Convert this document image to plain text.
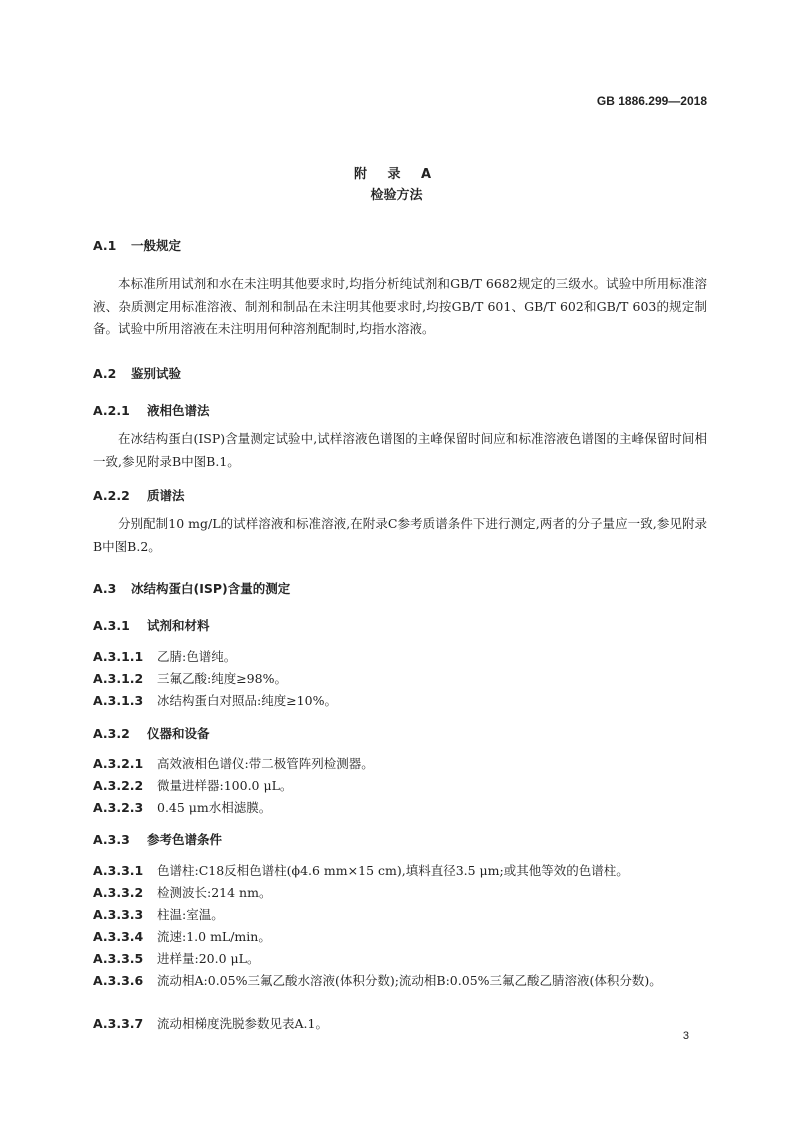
GB 1886.299—2018
附 录 A
检验方法
A.1 一般规定

本标准所用试剂和水在未注明其他要求时,均指分析纯试剂和GB/T 6682规定的三级水。试验中所用标准溶液、杂质测定用标准溶液、制剂和制品在未注明其他要求时,均按GB/T 601、GB/T 602和GB/T 603的规定制备。试验中所用溶液在未注明用何种溶剂配制时,均指水溶液。

A.2 鉴别试验
A.2.1 液相色谱法

在冰结构蛋白(ISP)含量测定试验中,试样溶液色谱图的主峰保留时间应和标准溶液色谱图的主峰保留时间相一致,参见附录B中图B.1。

A.2.2 质谱法

分别配制10 mg/L的试样溶液和标准溶液,在附录C参考质谱条件下进行测定,两者的分子量应一致,参见附录B中图B.2。

A.3 冰结构蛋白(ISP)含量的测定
A.3.1 试剂和材料
A.3.1.1 乙腈:色谱纯。
A.3.1.2 三氟乙酸:纯度≥98%。
A.3.1.3 冰结构蛋白对照品:纯度≥10%。
A.3.2 仪器和设备
A.3.2.1 高效液相色谱仪:带二极管阵列检测器。
A.3.2.2 微量进样器:100.0 μL。
A.3.2.3 0.45 μm水相滤膜。
A.3.3 参考色谱条件
A.3.3.1 色谱柱:C18反相色谱柱(ϕ4.6 mm×15 cm),填料直径3.5 μm;或其他等效的色谱柱。
A.3.3.2 检测波长:214 nm。
A.3.3.3 柱温:室温。
A.3.3.4 流速:1.0 mL/min。
A.3.3.5 进样量:20.0 μL。
A.3.3.6 流动相A:0.05%三氟乙酸水溶液(体积分数);流动相B:0.05%三氟乙酸乙腈溶液(体积分数)。
A.3.3.7 流动相梯度洗脱参数见表A.1。
3
